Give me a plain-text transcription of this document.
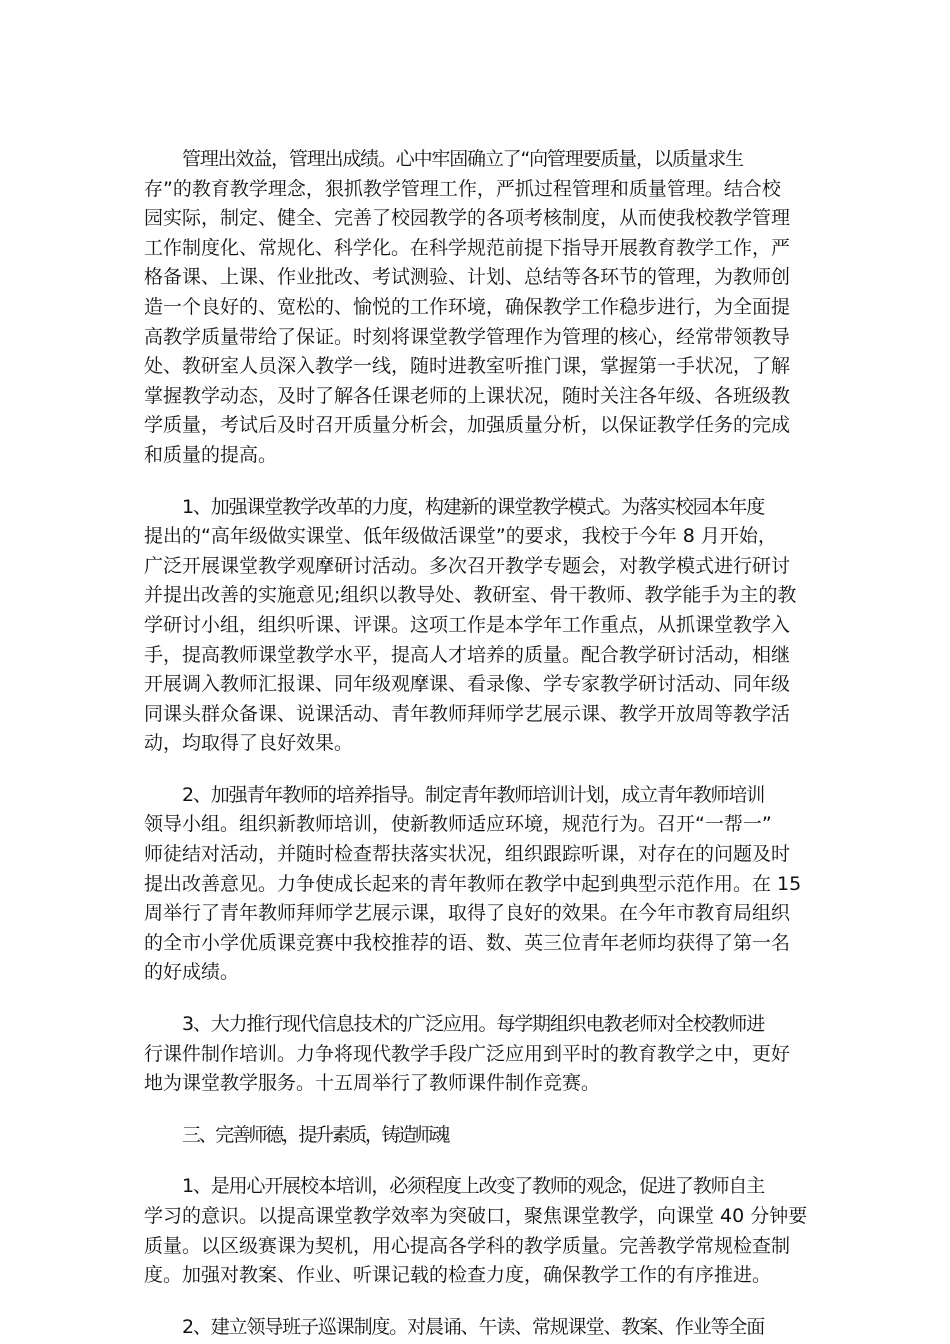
管理出效益，管理出成绩。心中牢固确立了“向管理要质量，以质量求生
存”的教育教学理念，狠抓教学管理工作，严抓过程管理和质量管理。结合校
园实际，制定、健全、完善了校园教学的各项考核制度，从而使我校教学管理
工作制度化、常规化、科学化。在科学规范前提下指导开展教育教学工作，严
格备课、上课、作业批改、考试测验、计划、总结等各环节的管理，为教师创
造一个良好的、宽松的、愉悦的工作环境，确保教学工作稳步进行，为全面提
高教学质量带给了保证。时刻将课堂教学管理作为管理的核心，经常带领教导
处、教研室人员深入教学一线，随时进教室听推门课，掌握第一手状况，了解
掌握教学动态，及时了解各任课老师的上课状况，随时关注各年级、各班级教
学质量，考试后及时召开质量分析会，加强质量分析，以保证教学任务的完成
和质量的提高。

1、加强课堂教学改革的力度，构建新的课堂教学模式。为落实校园本年度
提出的“高年级做实课堂、低年级做活课堂”的要求，我校于今年 8 月开始，
广泛开展课堂教学观摩研讨活动。多次召开教学专题会，对教学模式进行研讨
并提出改善的实施意见;组织以教导处、教研室、骨干教师、教学能手为主的教
学研讨小组，组织听课、评课。这项工作是本学年工作重点，从抓课堂教学入
手，提高教师课堂教学水平，提高人才培养的质量。配合教学研讨活动，相继
开展调入教师汇报课、同年级观摩课、看录像、学专家教学研讨活动、同年级
同课头群众备课、说课活动、青年教师拜师学艺展示课、教学开放周等教学活
动，均取得了良好效果。

2、加强青年教师的培养指导。制定青年教师培训计划，成立青年教师培训
领导小组。组织新教师培训，使新教师适应环境，规范行为。召开“一帮一”
师徒结对活动，并随时检查帮扶落实状况，组织跟踪听课，对存在的问题及时
提出改善意见。力争使成长起来的青年教师在教学中起到典型示范作用。在 15
周举行了青年教师拜师学艺展示课，取得了良好的效果。在今年市教育局组织
的全市小学优质课竞赛中我校推荐的语、数、英三位青年老师均获得了第一名
的好成绩。

3、大力推行现代信息技术的广泛应用。每学期组织电教老师对全校教师进
行课件制作培训。力争将现代教学手段广泛应用到平时的教育教学之中，更好
地为课堂教学服务。十五周举行了教师课件制作竞赛。

三、完善师德，提升素质，铸造师魂

1、是用心开展校本培训，必须程度上改变了教师的观念，促进了教师自主
学习的意识。以提高课堂教学效率为突破口，聚焦课堂教学，向课堂 40 分钟要
质量。以区级赛课为契机，用心提高各学科的教学质量。完善教学常规检查制
度。加强对教案、作业、听课记载的检查力度，确保教学工作的有序推进。

2、建立领导班子巡课制度。对晨诵、午读、常规课堂、教案、作业等全面
